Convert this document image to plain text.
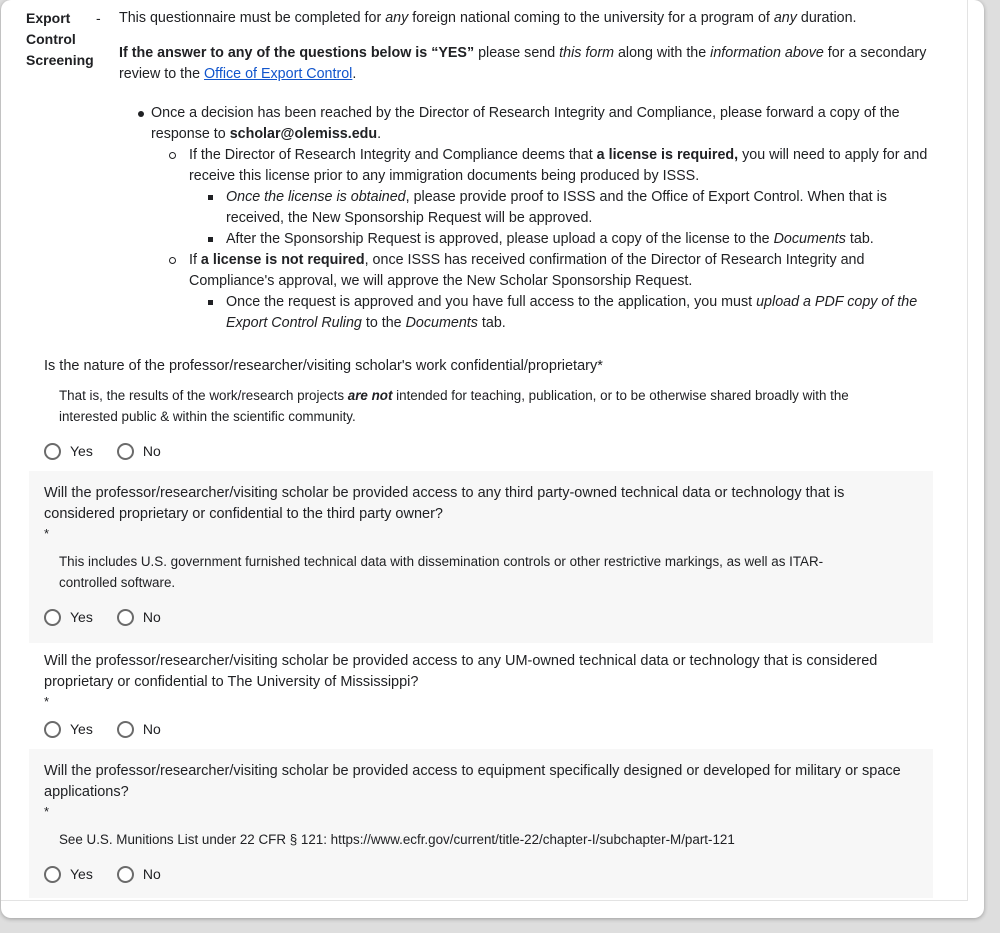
Export Control Screening
-	This questionnaire must be completed for any foreign national coming to the university for a program of any duration.
If the answer to any of the questions below is “YES” please send this form along with the information above for a secondary review to the Office of Export Control.
Once a decision has been reached by the Director of Research Integrity and Compliance, please forward a copy of the response to scholar@olemiss.edu.
If the Director of Research Integrity and Compliance deems that a license is required, you will need to apply for and receive this license prior to any immigration documents being produced by ISSS.
Once the license is obtained, please provide proof to ISSS and the Office of Export Control. When that is received, the New Sponsorship Request will be approved.
After the Sponsorship Request is approved, please upload a copy of the license to the Documents tab.
If a license is not required, once ISSS has received confirmation of the Director of Research Integrity and Compliance's approval, we will approve the New Scholar Sponsorship Request.
Once the request is approved and you have full access to the application, you must upload a PDF copy of the Export Control Ruling to the Documents tab.
Is the nature of the professor/researcher/visiting scholar's work confidential/proprietary*
That is, the results of the work/research projects are not intended for teaching, publication, or to be otherwise shared broadly with the interested public & within the scientific community.
Yes	No
Will the professor/researcher/visiting scholar be provided access to any third party-owned technical data or technology that is considered proprietary or confidential to the third party owner?
*
This includes U.S. government furnished technical data with dissemination controls or other restrictive markings, as well as ITAR-controlled software.
Yes	No
Will the professor/researcher/visiting scholar be provided access to any UM-owned technical data or technology that is considered proprietary or confidential to The University of Mississippi?
*
Yes	No
Will the professor/researcher/visiting scholar be provided access to equipment specifically designed or developed for military or space applications?
*
See U.S. Munitions List under 22 CFR § 121: https://www.ecfr.gov/current/title-22/chapter-I/subchapter-M/part-121
Yes	No
